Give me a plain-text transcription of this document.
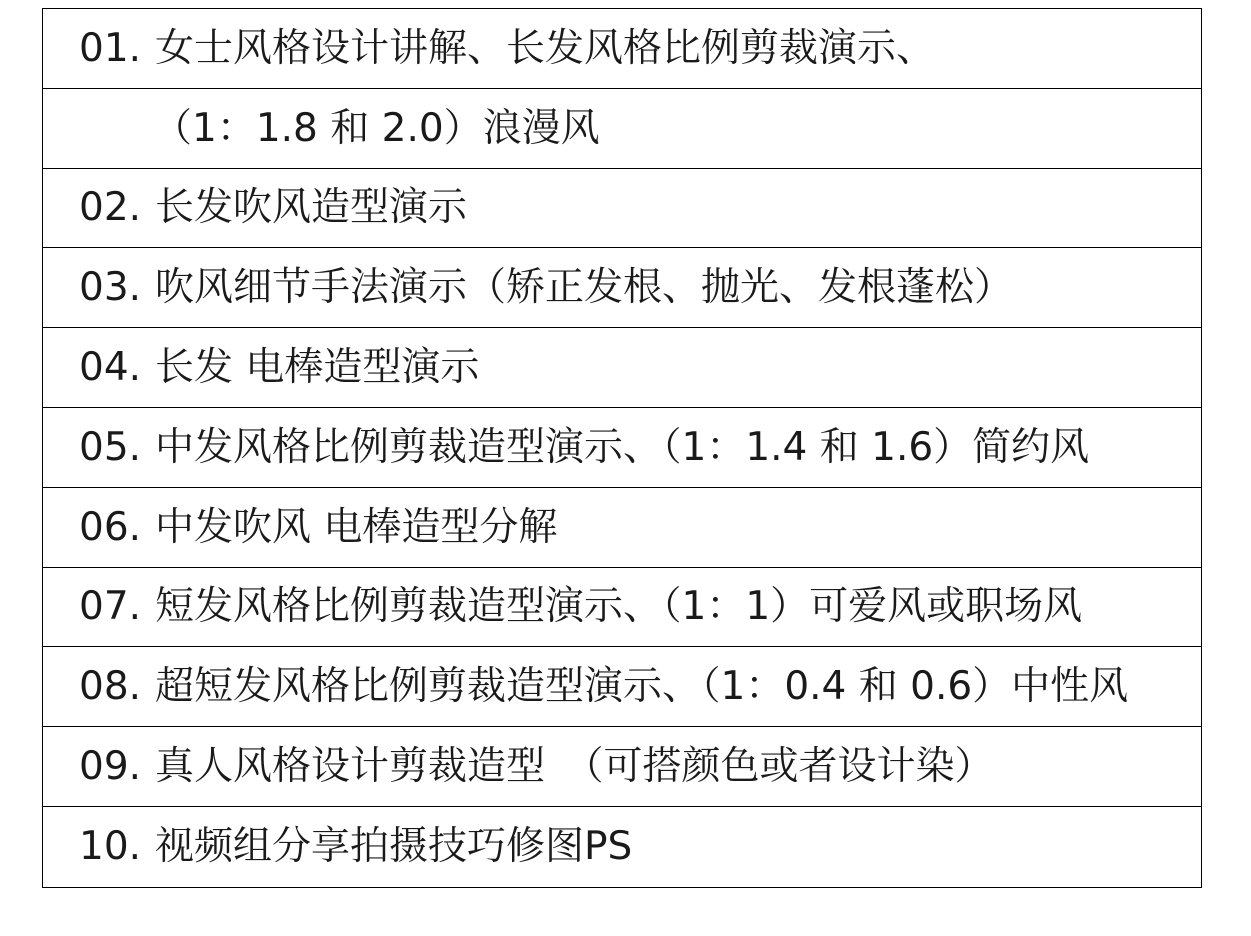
01. 女士风格设计讲解、长发风格比例剪裁演示、
（1：1.8 和 2.0）浪漫风
02. 长发吹风造型演示
03. 吹风细节手法演示（矫正发根、抛光、发根蓬松）
04. 长发 电棒造型演示
05. 中发风格比例剪裁造型演示、（1：1.4 和 1.6）简约风
06. 中发吹风 电棒造型分解
07. 短发风格比例剪裁造型演示、（1：1）可爱风或职场风
08. 超短发风格比例剪裁造型演示、（1：0.4 和 0.6）中性风
09. 真人风格设计剪裁造型　（可搭颜色或者设计染）
10. 视频组分享拍摄技巧修图PS
